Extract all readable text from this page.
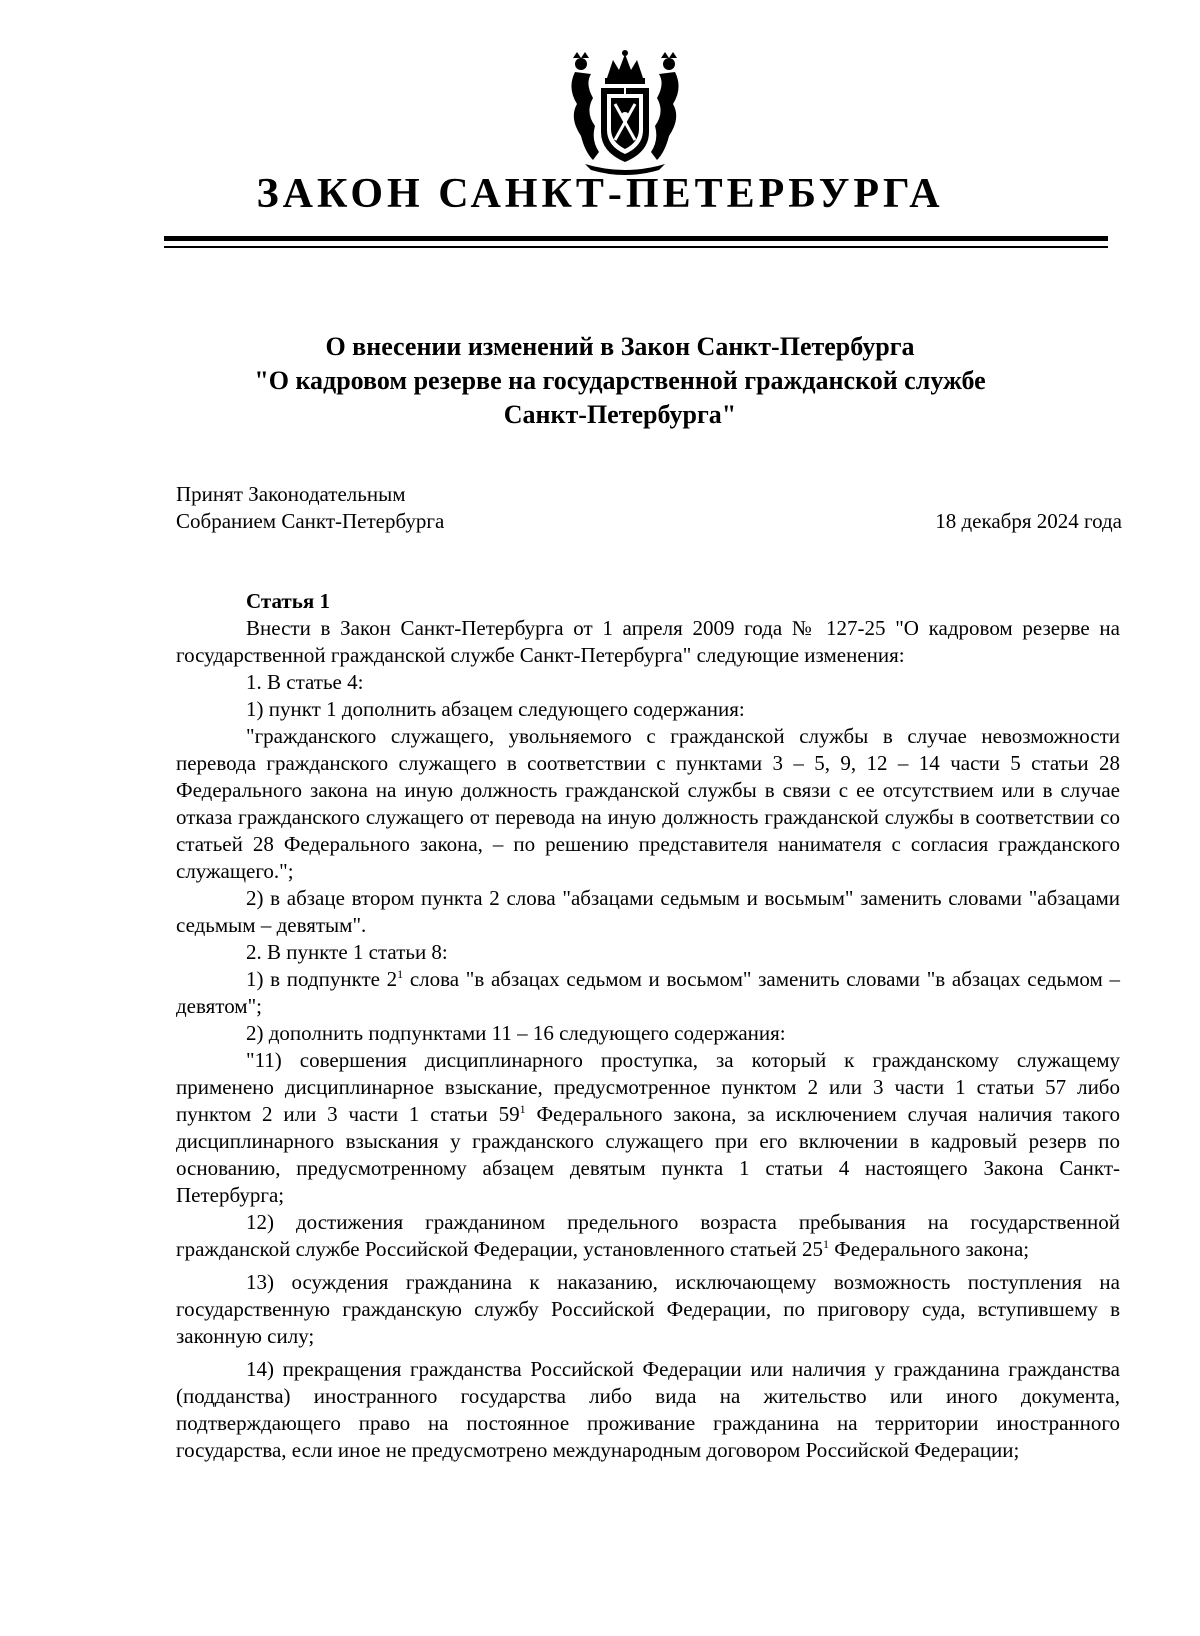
ЗАКОН САНКТ-ПЕТЕРБУРГА
О внесении изменений в Закон Санкт-Петербурга
"О кадровом резерве на государственной гражданской службе
Санкт-Петербурга"
Принят Законодательным
Собранием Санкт-Петербурга	18 декабря 2024 года

Статья 1

Внести в Закон Санкт-Петербурга от 1 апреля 2009 года № 127-25 "О кадровом резерве на государственной гражданской службе Санкт-Петербурга" следующие изменения:

1. В статье 4:

1) пункт 1 дополнить абзацем следующего содержания:

"гражданского служащего, увольняемого с гражданской службы в случае невозможности перевода гражданского служащего в соответствии с пунктами 3 – 5, 9, 12 – 14 части 5 статьи 28 Федерального закона на иную должность гражданской службы в связи с ее отсутствием или в случае отказа гражданского служащего от перевода на иную должность гражданской службы в соответствии со статьей 28 Федерального закона, – по решению представителя нанимателя с согласия гражданского служащего.";

2) в абзаце втором пункта 2 слова "абзацами седьмым и восьмым" заменить словами "абзацами седьмым – девятым".

2. В пункте 1 статьи 8:

1) в подпункте $2^1$ слова "в абзацах седьмом и восьмом" заменить словами "в абзацах седьмом – девятом";

2) дополнить подпунктами 11 – 16 следующего содержания:

"11) совершения дисциплинарного проступка, за который к гражданскому служащему применено дисциплинарное взыскание, предусмотренное пунктом 2 или 3 части 1 статьи 57 либо пунктом 2 или 3 части 1 статьи $59^1$ Федерального закона, за исключением случая наличия такого дисциплинарного взыскания у гражданского служащего при его включении в кадровый резерв по основанию, предусмотренному абзацем девятым пункта 1 статьи 4 настоящего Закона Санкт-Петербурга;

12) достижения гражданином предельного возраста пребывания на государственной гражданской службе Российской Федерации, установленного статьей $25^1$ Федерального закона;

13) осуждения гражданина к наказанию, исключающему возможность поступления на государственную гражданскую службу Российской Федерации, по приговору суда, вступившему в законную силу;

14) прекращения гражданства Российской Федерации или наличия у гражданина гражданства (подданства) иностранного государства либо вида на жительство или иного документа, подтверждающего право на постоянное проживание гражданина на территории иностранного государства, если иное не предусмотрено международным договором Российской Федерации;
